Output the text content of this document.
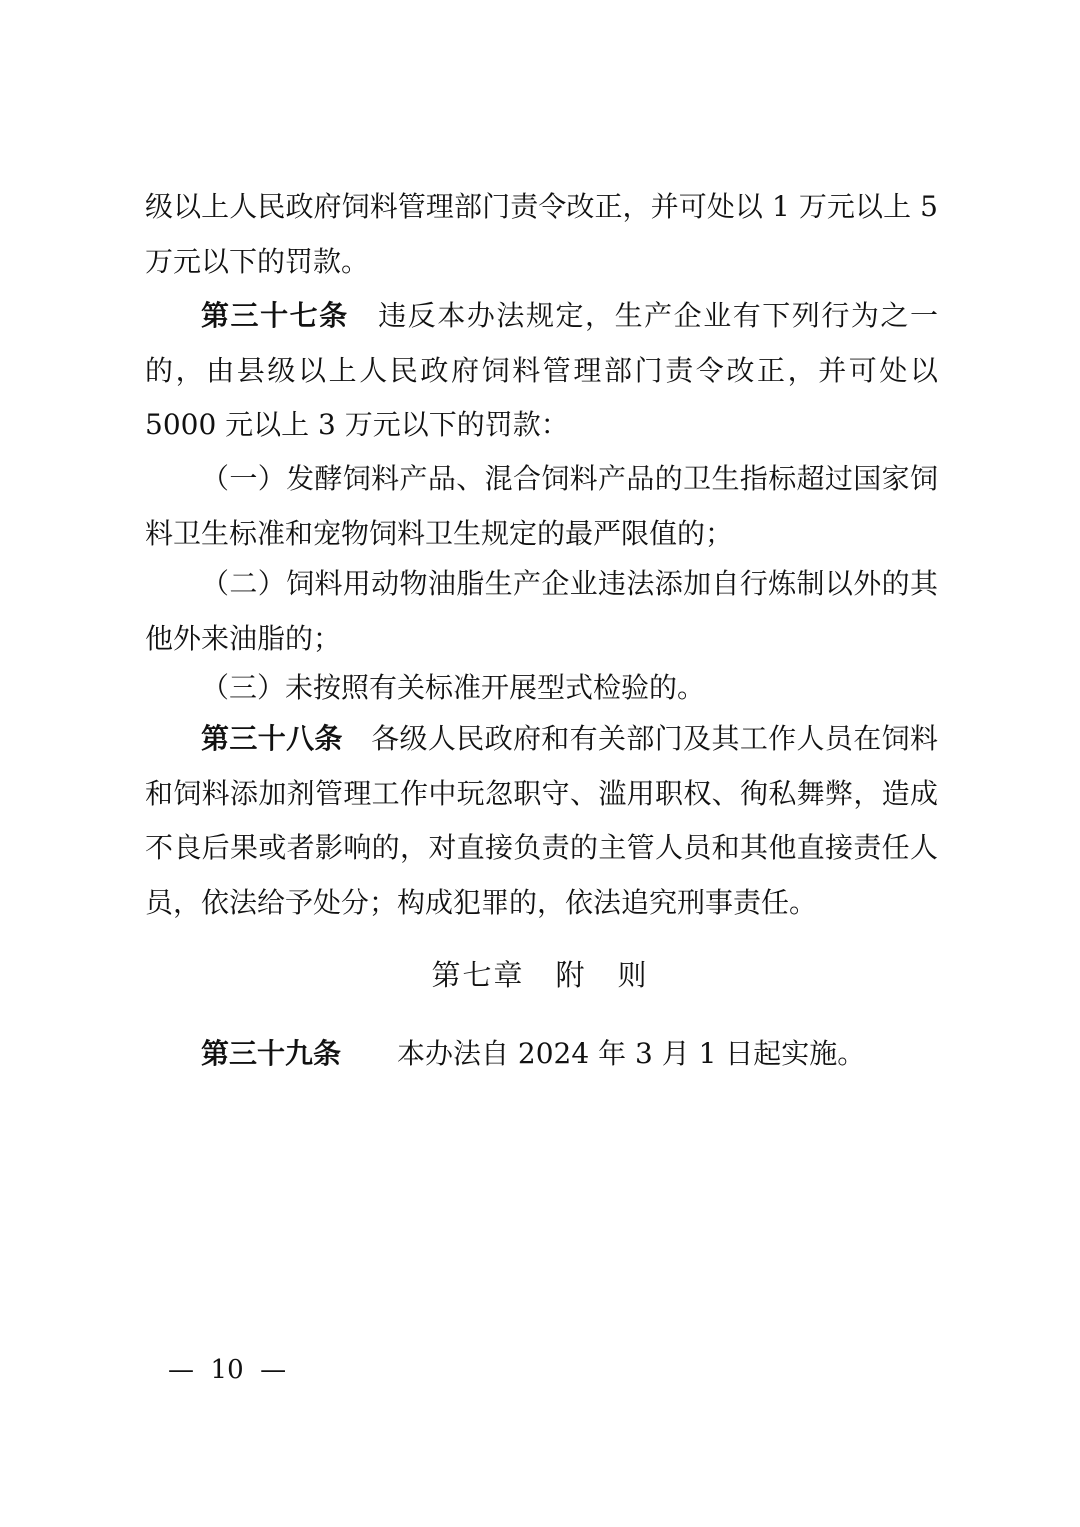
级以上人民政府饲料管理部门责令改正，并可处以 1 万元以上 5
万元以下的罚款。
第三十七条 违反本办法规定，生产企业有下列行为之一
的，由县级以上人民政府饲料管理部门责令改正，并可处以
5000 元以上 3 万元以下的罚款：
（一）发酵饲料产品、混合饲料产品的卫生指标超过国家饲
料卫生标准和宠物饲料卫生规定的最严限值的；
（二）饲料用动物油脂生产企业违法添加自行炼制以外的其
他外来油脂的；
（三）未按照有关标准开展型式检验的。
第三十八条 各级人民政府和有关部门及其工作人员在饲料
和饲料添加剂管理工作中玩忽职守、滥用职权、徇私舞弊，造成
不良后果或者影响的，对直接负责的主管人员和其他直接责任人
员，依法给予处分；构成犯罪的，依法追究刑事责任。
第七章　附　则
第三十九条 本办法自 2024 年 3 月 1 日起实施。
—  10  —
